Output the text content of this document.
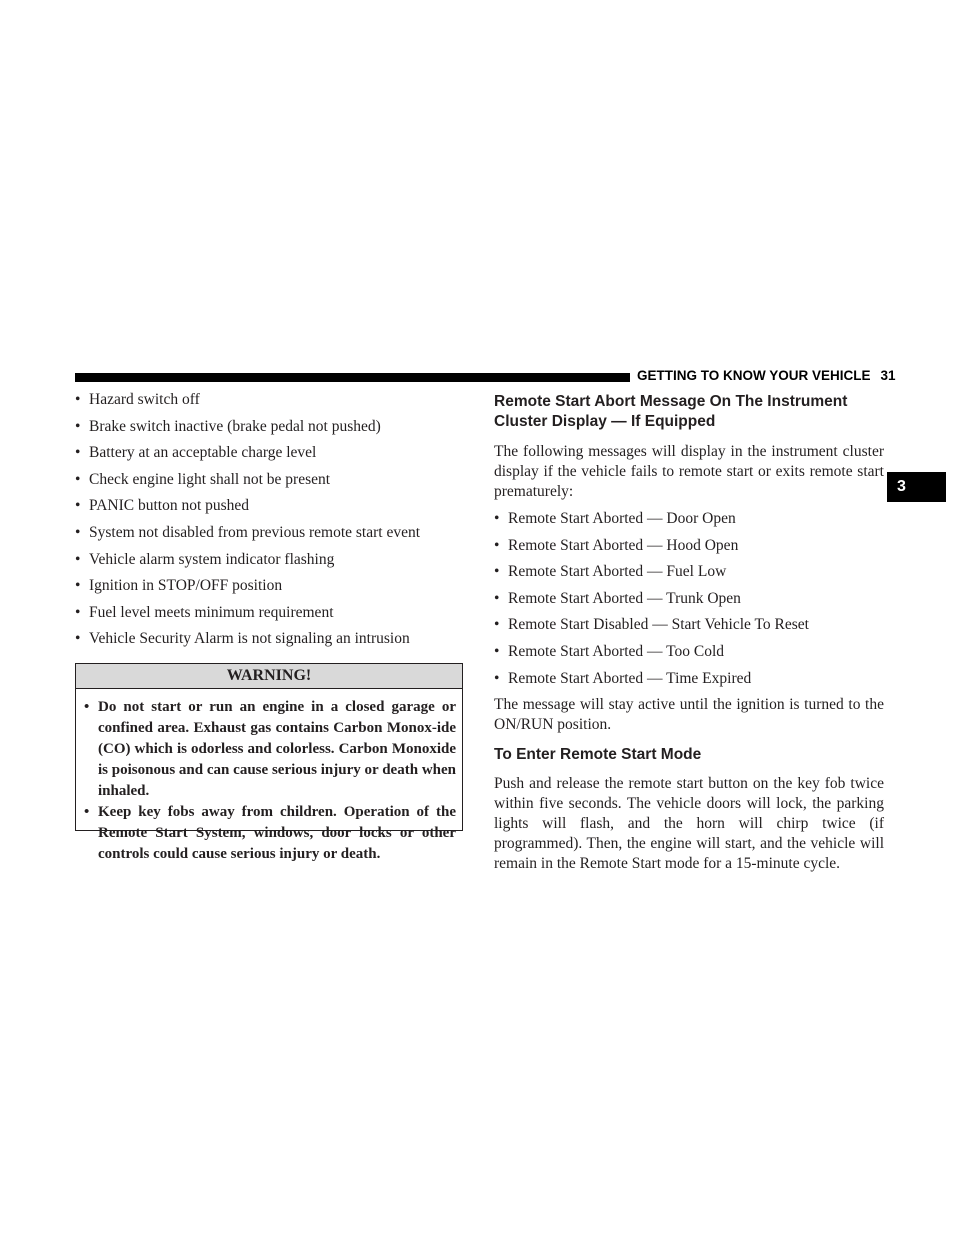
GETTING TO KNOW YOUR VEHICLE 31
3
• Hazard switch off
• Brake switch inactive (brake pedal not pushed)
• Battery at an acceptable charge level
• Check engine light shall not be present
• PANIC button not pushed
• System not disabled from previous remote start event
• Vehicle alarm system indicator flashing
• Ignition in STOP/OFF position
• Fuel level meets minimum requirement
• Vehicle Security Alarm is not signaling an intrusion
WARNING!
• Do not start or run an engine in a closed garage or confined area. Exhaust gas contains Carbon Monox-ide (CO) which is odorless and colorless. Carbon Monoxide is poisonous and can cause serious injury or death when inhaled.
• Keep key fobs away from children. Operation of the Remote Start System, windows, door locks or other controls could cause serious injury or death.
Remote Start Abort Message On The Instrument Cluster Display — If Equipped

The following messages will display in the instrument cluster display if the vehicle fails to remote start or exits remote start prematurely:

• Remote Start Aborted — Door Open
• Remote Start Aborted — Hood Open
• Remote Start Aborted — Fuel Low
• Remote Start Aborted — Trunk Open
• Remote Start Disabled — Start Vehicle To Reset
• Remote Start Aborted — Too Cold
• Remote Start Aborted — Time Expired

The message will stay active until the ignition is turned to the ON/RUN position.

To Enter Remote Start Mode

Push and release the remote start button on the key fob twice within five seconds. The vehicle doors will lock, the parking lights will flash, and the horn will chirp twice (if programmed). Then, the engine will start, and the vehicle will remain in the Remote Start mode for a 15-minute cycle.
